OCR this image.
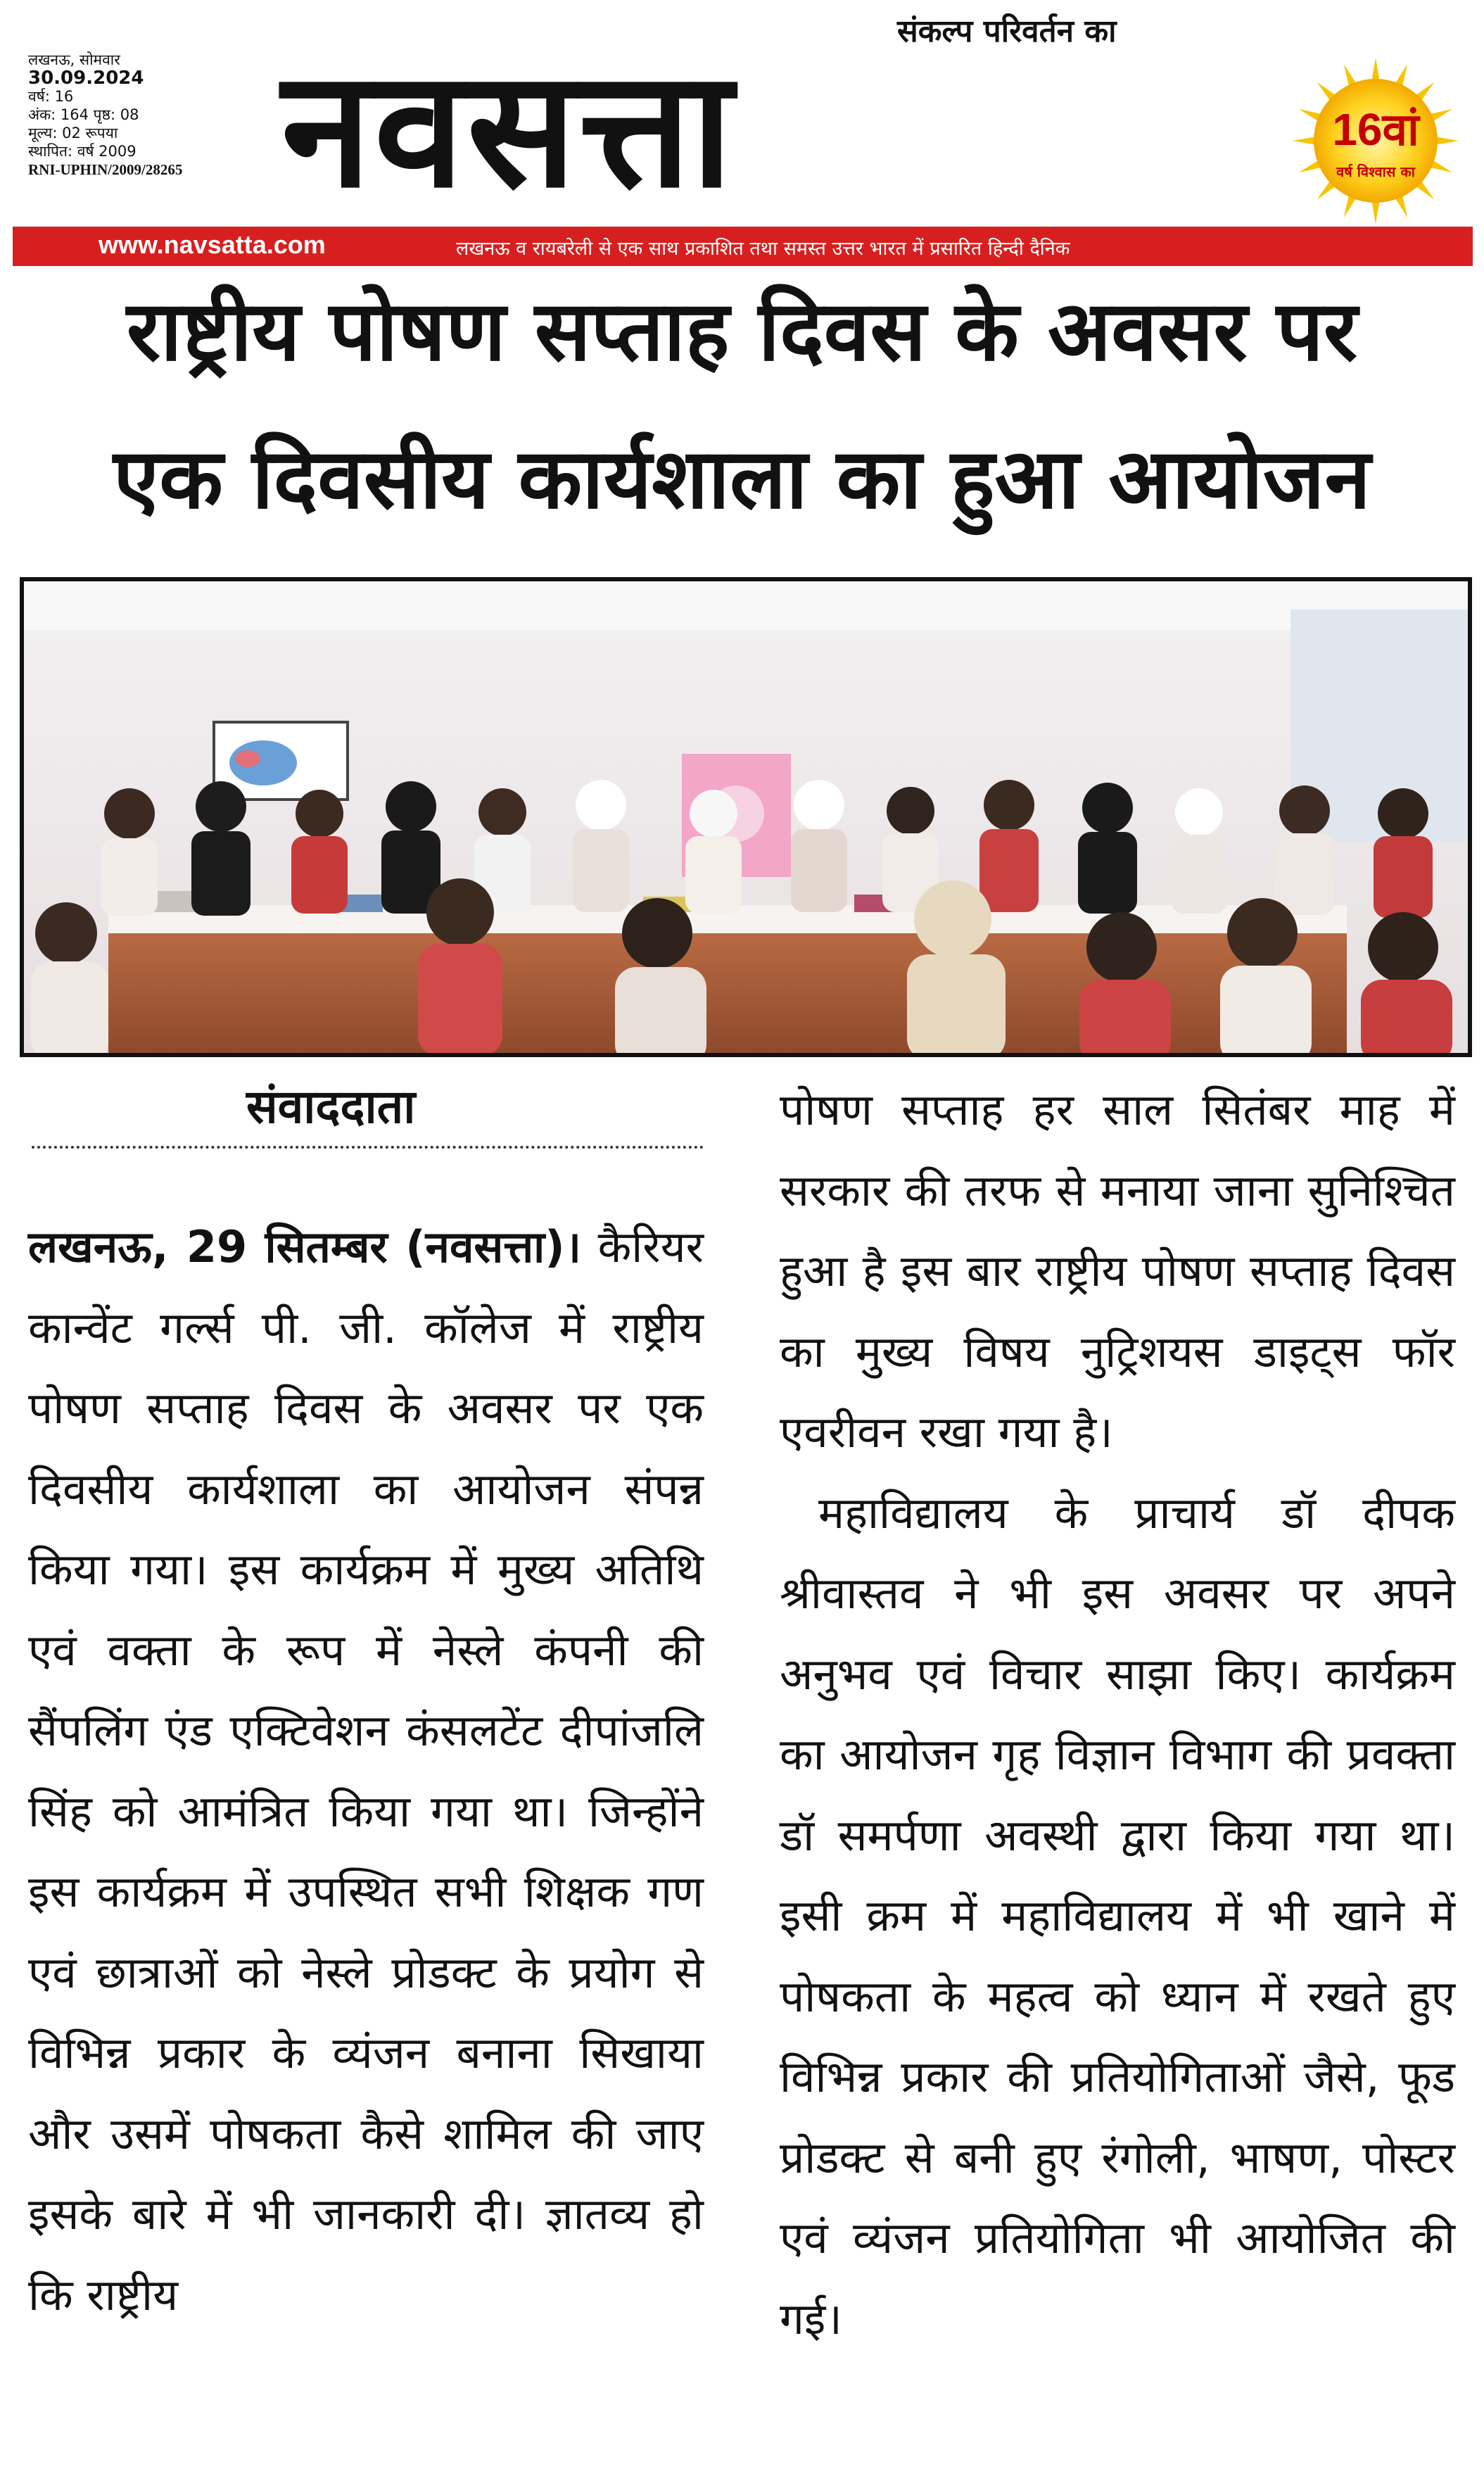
लखनऊ, सोमवार
30.09.2024
वर्ष: 16
अंक: 164 पृष्ठ: 08
मूल्य: 02 रूपया
स्थापित: वर्ष 2009
RNI-UPHIN/2009/28265
संकल्प परिवर्तन का
नवसत्ता	16वां
वर्ष विश्वास का
www.navsatta.com	लखनऊ व रायबरेली से एक साथ प्रकाशित तथा समस्त उत्तर भारत में प्रसारित हिन्दी दैनिक
राष्ट्रीय पोषण सप्ताह दिवस के अवसर पर
एक दिवसीय कार्यशाला का हुआ आयोजन
संवाददाता

लखनऊ, 29 सितम्बर (नवसत्ता)। कैरियर कान्वेंट गर्ल्स पी. जी. कॉलेज में राष्ट्रीय पोषण सप्ताह दिवस के अवसर पर एक दिवसीय कार्यशाला का आयोजन संपन्न किया गया। इस कार्यक्रम में मुख्य अतिथि एवं वक्ता के रूप में नेस्ले कंपनी की सैंपलिंग एंड एक्टिवेशन कंसलटेंट दीपांजलि सिंह को आमंत्रित किया गया था। जिन्होंने इस कार्यक्रम में उपस्थित सभी शिक्षक गण एवं छात्राओं को नेस्ले प्रोडक्ट के प्रयोग से विभिन्न प्रकार के व्यंजन बनाना सिखाया और उसमें पोषकता कैसे शामिल की जाए इसके बारे में भी जानकारी दी। ज्ञातव्य हो कि राष्ट्रीय

पोषण सप्ताह हर साल सितंबर माह में सरकार की तरफ से मनाया जाना सुनिश्चित हुआ है इस बार राष्ट्रीय पोषण सप्ताह दिवस का मुख्य विषय नुट्रिशयस डाइट्स फॉर एवरीवन रखा गया है।

महाविद्यालय के प्राचार्य डॉ दीपक श्रीवास्तव ने भी इस अवसर पर अपने अनुभव एवं विचार साझा किए। कार्यक्रम का आयोजन गृह विज्ञान विभाग की प्रवक्ता डॉ समर्पणा अवस्थी द्वारा किया गया था। इसी क्रम में महाविद्यालय में भी खाने में पोषकता के महत्व को ध्यान में रखते हुए विभिन्न प्रकार की प्रतियोगिताओं जैसे, फूड प्रोडक्ट से बनी हुए रंगोली, भाषण, पोस्टर एवं व्यंजन प्रतियोगिता भी आयोजित की गई।
